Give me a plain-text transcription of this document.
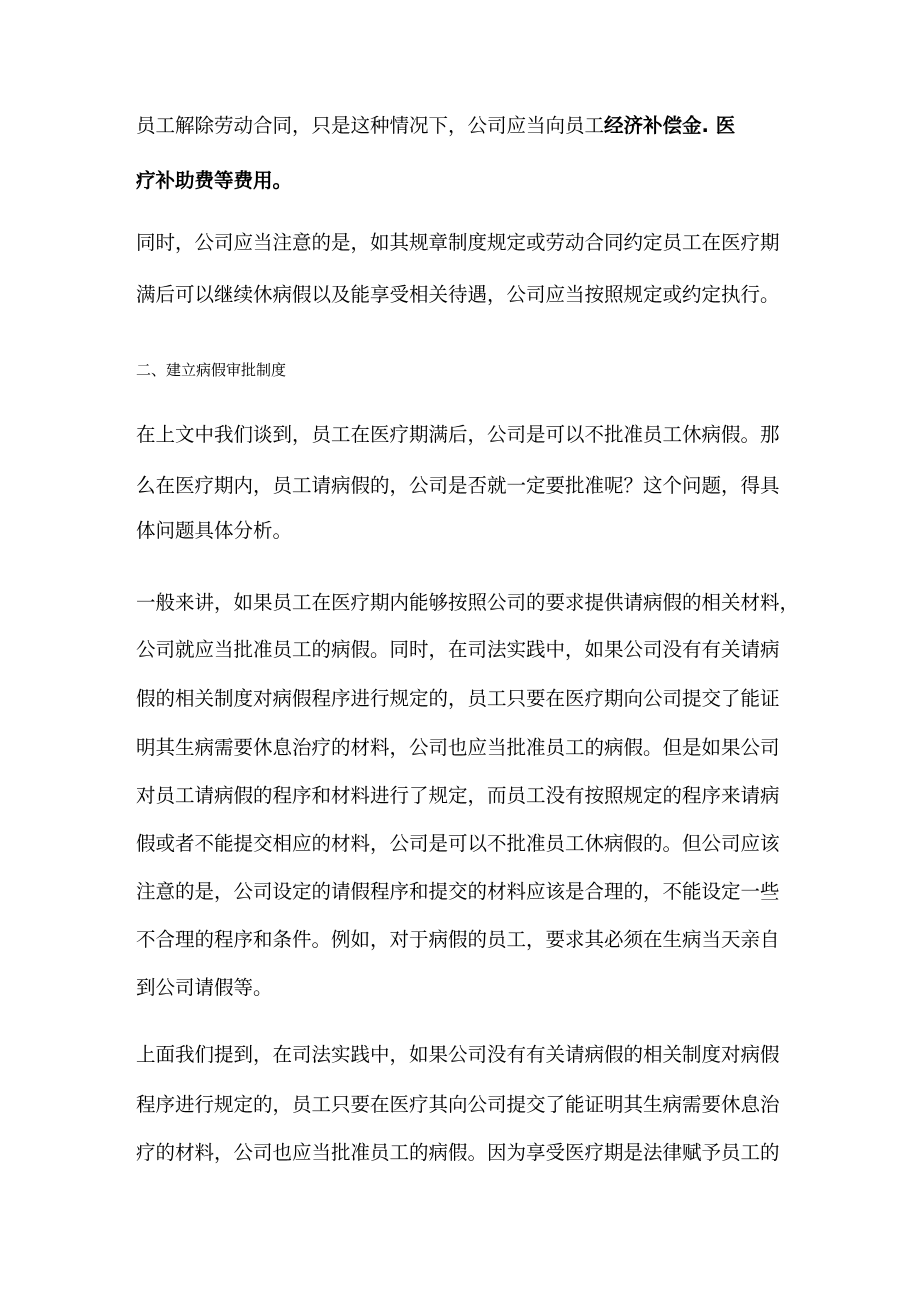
员工解除劳动合同，只是这种情况下，公司应当向员工经济补偿金. 医

疗补助费等费用。

同时，公司应当注意的是，如其规章制度规定或劳动合同约定员工在医疗期

满后可以继续休病假以及能享受相关待遇，公司应当按照规定或约定执行。

二、建立病假审批制度

在上文中我们谈到，员工在医疗期满后，公司是可以不批准员工休病假。那

么在医疗期内，员工请病假的，公司是否就一定要批准呢？这个问题，得具

体问题具体分析。

一般来讲，如果员工在医疗期内能够按照公司的要求提供请病假的相关材料，

公司就应当批准员工的病假。同时，在司法实践中，如果公司没有有关请病

假的相关制度对病假程序进行规定的，员工只要在医疗期向公司提交了能证

明其生病需要休息治疗的材料，公司也应当批准员工的病假。但是如果公司

对员工请病假的程序和材料进行了规定，而员工没有按照规定的程序来请病

假或者不能提交相应的材料，公司是可以不批准员工休病假的。但公司应该

注意的是，公司设定的请假程序和提交的材料应该是合理的，不能设定一些

不合理的程序和条件。例如，对于病假的员工，要求其必须在生病当天亲自

到公司请假等。

上面我们提到，在司法实践中，如果公司没有有关请病假的相关制度对病假

程序进行规定的，员工只要在医疗其向公司提交了能证明其生病需要休息治

疗的材料，公司也应当批准员工的病假。因为享受医疗期是法律赋予员工的
